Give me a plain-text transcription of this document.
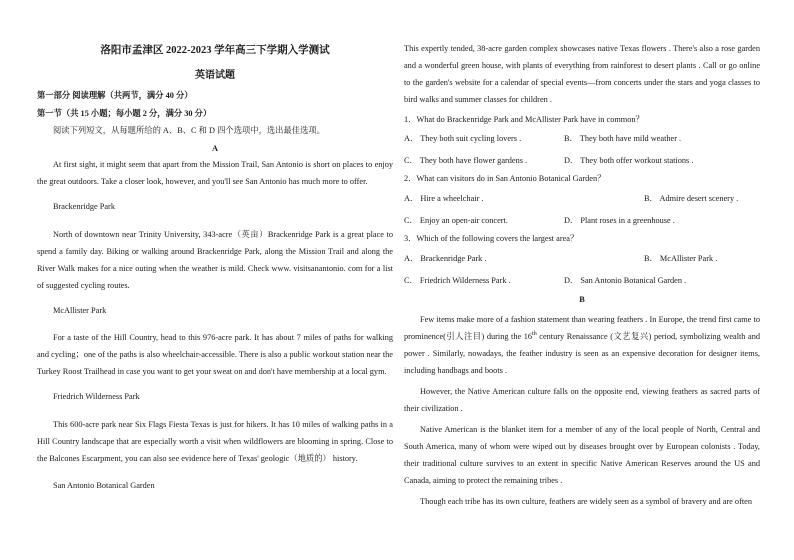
洛阳市孟津区 2022-2023 学年高三下学期入学测试

英语试题

第一部分 阅读理解（共两节，满分 40 分）

第一节（共 15 小题；每小题 2 分，满分 30 分）

阅读下列短文，从每题所给的 A、B、C 和 D 四个选项中，选出最佳选项。

A

At first sight, it might seem that apart from the Mission Trail, San Antonio is short on places to enjoy the great outdoors. Take a closer look, however, and you'll see San Antonio has much more to offer.

Brackenridge Park

North of downtown near Trinity University, 343-acre（英亩）Brackenridge Park is a great place to spend a family day. Biking or walking around Brackenridge Park, along the Mission Trail and along the River Walk makes for a nice outing when the weather is mild. Check www. visitsanantonio. com for a list of suggested cycling routes.

McAllister Park

For a taste of the Hill Country, head to this 976-acre park. It has about 7 miles of paths for walking and cycling；one of the paths is also wheelchair-accessible. There is also a public workout station near the Turkey Roost Trailhead in case you want to get your sweat on and don't have membership at a local gym.

Friedrich Wilderness Park

This 600-acre park near Six Flags Fiesta Texas is just for hikers. It has 10 miles of walking paths in a Hill Country landscape that are especially worth a visit when wildflowers are blooming in spring. Close to the Balcones Escarpment, you can also see evidence here of Texas' geologic（地质的） history.

San Antonio Botanical Garden

This expertly tended, 38-acre garden complex showcases native Texas flowers . There's also a rose garden and a wonderful green house, with plants of everything from rainforest to desert plants . Call or go online to the garden's website for a calendar of special events—from concerts under the stars and yoga classes to bird walks and summer classes for children .

1．What do Brackenridge Park and McAllister Park have in common？

A． They both suit cycling lovers .	B． They both have mild weather .
C． They both have flower gardens .	D． They both offer workout stations .

2．What can visitors do in San Antonio Botanical Garden？

A． Hire a wheelchair .	B． Admire desert scenery .
C． Enjoy an open-air concert.	D． Plant roses in a greenhouse .

3．Which of the following covers the largest area？

A． Brackenridge Park .	B． McAllister Park .
C． Friedrich Wilderness Park .	D． San Antonio Botanical Garden .

B

Few items make more of a fashion statement than wearing feathers . In Europe, the trend first came to prominence(引人注目) during the 16th century Renaissance (文艺复兴) period, symbolizing wealth and power . Similarly, nowadays, the feather industry is seen as an expensive decoration for designer items, including handbags and boots .

However, the Native American culture falls on the opposite end, viewing feathers as sacred parts of their civilization .

Native American is the blanket item for a member of any of the local people of North, Central and South America, many of whom were wiped out by diseases brought over by European colonists . Today, their traditional culture survives to an extent in specific Native American Reserves around the US and Canada, aiming to protect the remaining tribes .

Though each tribe has its own culture, feathers are widely seen as a symbol of bravery and are often
